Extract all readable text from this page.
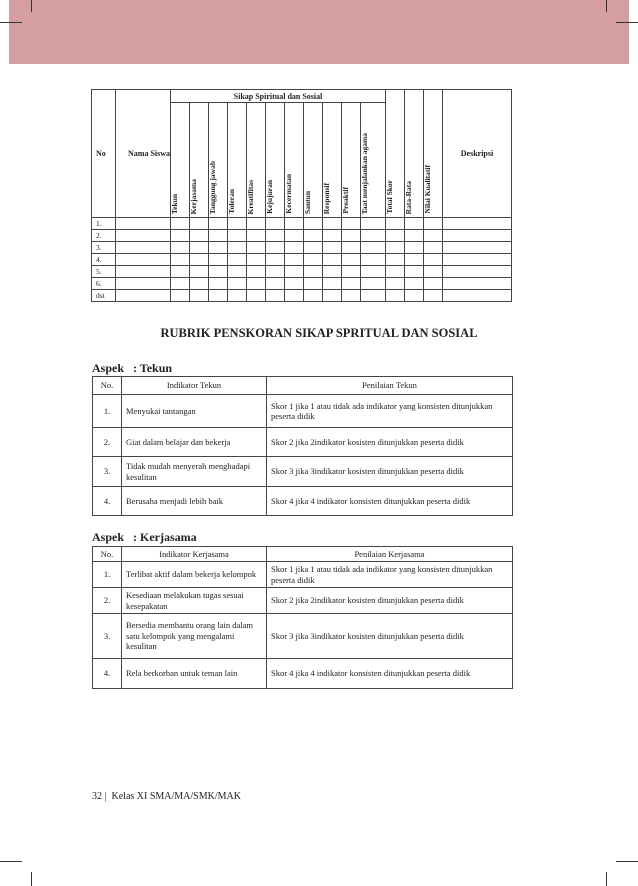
No	Nama Siswa	Sikap Spiritual dan Sosial											Total Skor	Rata-Rata	Nilai Kualitatif	Deskripsi

		Tekun	Kerjasama	Tanggung jawab	Toleran	Kreatifitas	Kejujuran	Kecermatan	Santun	Responsif	Proaktif	Taat menjalankan agama				

1.																
2.																
3.																
4.																
5.																
6.																
dst																
RUBRIK PENSKORAN SIKAP SPRITUAL DAN SOSIAL
Aspek   : Tekun
No.	Indikator Tekun	Penilaian Tekun
1.	Menyukai tantangan	Skor 1 jika 1 atau tidak ada indikator yang konsisten ditunjukkan peserta didik
2.	Giat dalam belajar dan bekerja	Skor 2 jika 2indikator kosisten ditunjukkan peserta didik
3.	Tidak mudah menyerah menghadapi kesulitan	Skor 3 jika 3indikator kosisten ditunjukkan peserta didik
4.	Berusaha menjadi lebih baik	Skor 4 jika 4 indikator konsisten ditunjukkan peserta didik
Aspek   : Kerjasama
No.	Indikator Kerjasama	Penilaian Kerjasama
1.	Terlibat aktif dalam bekerja kelompok	Skor 1 jika 1 atau tidak ada indikator yang konsisten ditunjukkan peserta didik
2.	Kesediaan melakukan tugas sesuai kesepakatan	Skor 2 jika 2indikator kosisten ditunjukkan peserta didik
3.	Bersedia membantu orang lain dalam satu kelompok yang mengalami kesulitan	Skor 3 jika 3indikator kosisten ditunjukkan peserta didik
4.	Rela berkorban untuk teman lain	Skor 4 jika 4 indikator konsisten ditunjukkan peserta didik
32 |  Kelas XI SMA/MA/SMK/MAK
